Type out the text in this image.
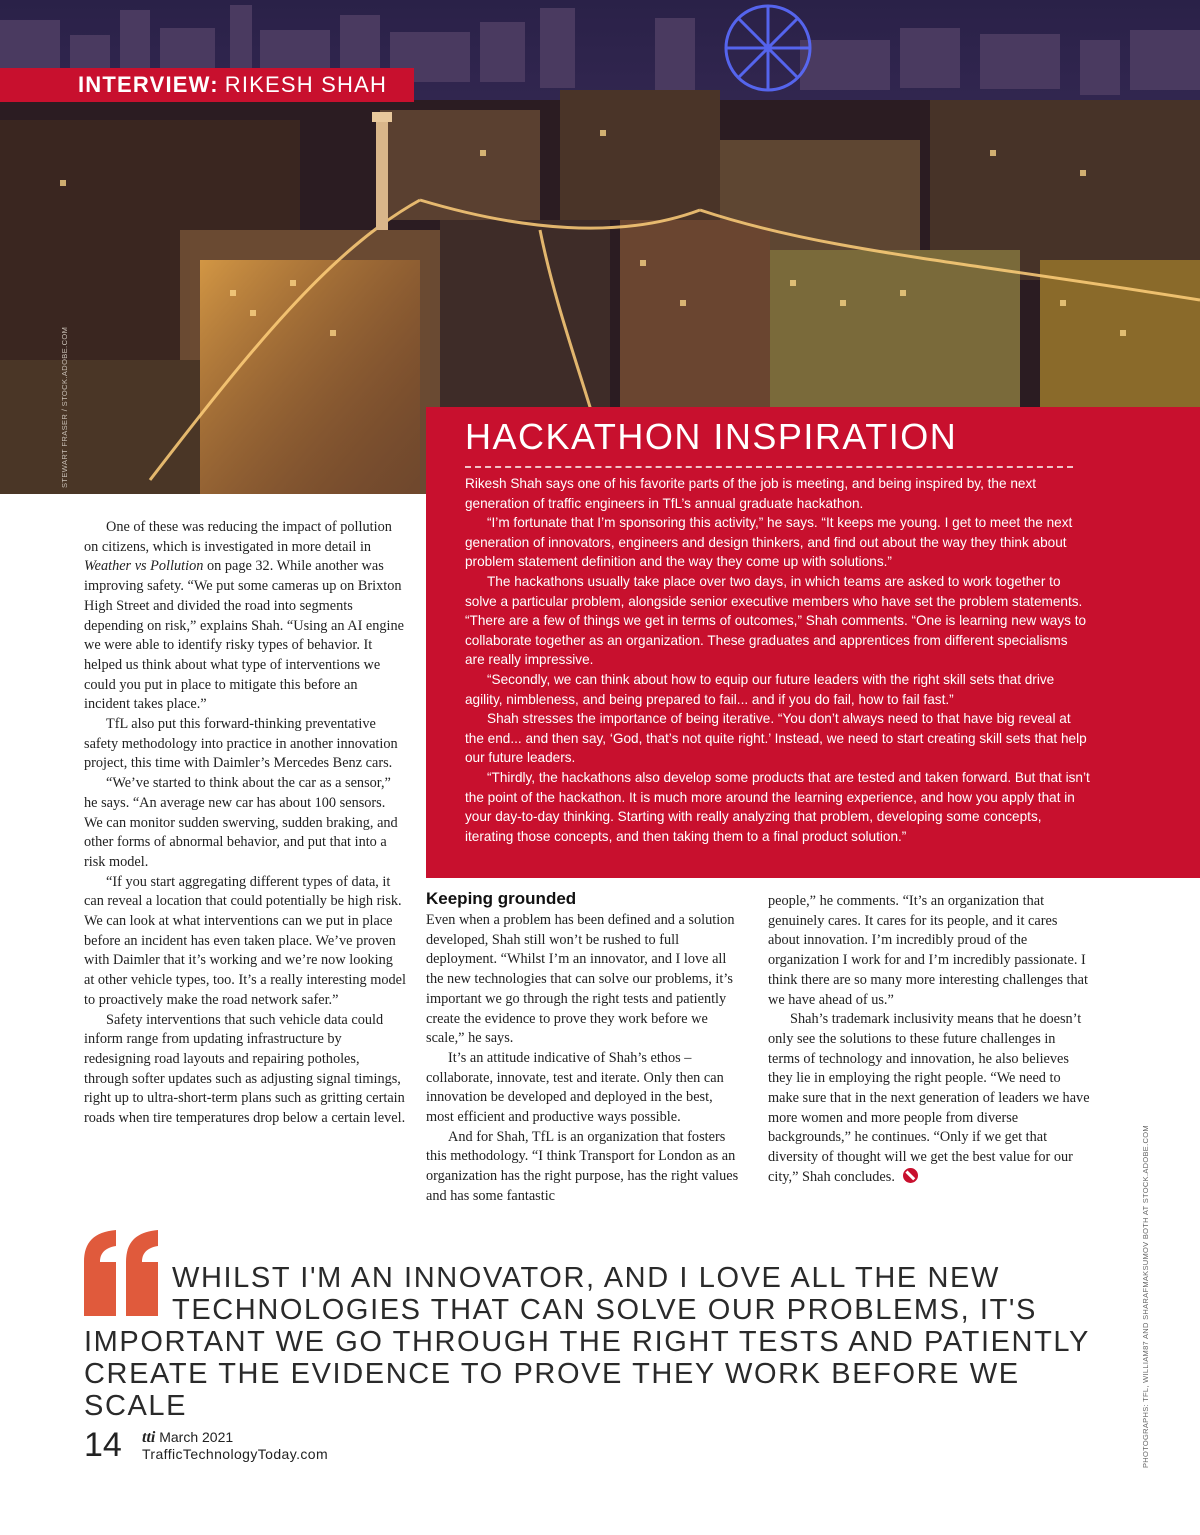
INTERVIEW: RIKESH SHAH
STEWART FRASER / STOCK.ADOBE.COM	HACKATHON INSPIRATION

Rikesh Shah says one of his favorite parts of the job is meeting, and being inspired by, the next generation of traffic engineers in TfL’s annual graduate hackathon.

“I’m fortunate that I’m sponsoring this activity,” he says. “It keeps me young. I get to meet the next generation of innovators, engineers and design thinkers, and find out about the way they think about problem statement definition and the way they come up with solutions.”

The hackathons usually take place over two days, in which teams are asked to work together to solve a particular problem, alongside senior executive members who have set the problem statements. “There are a few of things we get in terms of outcomes,” Shah comments. “One is learning new ways to collaborate together as an organization. These graduates and apprentices from different specialisms are really impressive.

“Secondly, we can think about how to equip our future leaders with the right skill sets that drive agility, nimbleness, and being prepared to fail... and if you do fail, how to fail fast.”

Shah stresses the importance of being iterative. “You don’t always need to that have big reveal at the end... and then say, ‘God, that’s not quite right.’ Instead, we need to start creating skill sets that help our future leaders.

“Thirdly, the hackathons also develop some products that are tested and taken forward. But that isn’t the point of the hackathon. It is much more around the learning experience, and how you apply that in your day-to-day thinking. Starting with really analyzing that problem, developing some concepts, iterating those concepts, and then taking them to a final product solution.”

One of these was reducing the impact of pollution on citizens, which is investigated in more detail in Weather vs Pollution on page 32. While another was improving safety. “We put some cameras up on Brixton High Street and divided the road into segments depending on risk,” explains Shah. “Using an AI engine we were able to identify risky types of behavior. It helped us think about what type of interventions we could you put in place to mitigate this before an incident takes place.”

TfL also put this forward-thinking preventative safety methodology into practice in another innovation project, this time with Daimler’s Mercedes Benz cars.

“We’ve started to think about the car as a sensor,” he says. “An average new car has about 100 sensors. We can monitor sudden swerving, sudden braking, and other forms of abnormal behavior, and put that into a risk model.

“If you start aggregating different types of data, it can reveal a location that could potentially be high risk. We can look at what interventions can we put in place before an incident has even taken place. We’ve proven with Daimler that it’s working and we’re now looking at other vehicle types, too. It’s a really interesting model to proactively make the road network safer.”

Safety interventions that such vehicle data could inform range from updating infrastructure by redesigning road layouts and repairing potholes, through softer updates such as adjusting signal timings, right up to ultra-short-term plans such as gritting certain roads when tire temperatures drop below a certain level.

Keeping grounded

Even when a problem has been defined and a solution developed, Shah still won’t be rushed to full deployment. “Whilst I’m an innovator, and I love all the new technologies that can solve our problems, it’s important we go through the right tests and patiently create the evidence to prove they work before we scale,” he says.

It’s an attitude indicative of Shah’s ethos – collaborate, innovate, test and iterate. Only then can innovation be developed and deployed in the best, most efficient and productive ways possible.

And for Shah, TfL is an organization that fosters this methodology. “I think Transport for London as an organization has the right purpose, has the right values and has some fantastic

people,” he comments. “It’s an organization that genuinely cares. It cares for its people, and it cares about innovation. I’m incredibly proud of the organization I work for and I’m incredibly passionate. I think there are so many more interesting challenges that we have ahead of us.”

Shah’s trademark inclusivity means that he doesn’t only see the solutions to these future challenges in terms of technology and innovation, he also believes they lie in employing the right people. “We need to make sure that in the next generation of leaders we have more women and more people from diverse backgrounds,” he continues. “Only if we get that diversity of thought will we get the best value for our city,” Shah concludes.	PHOTOGRAPHS: TFL, WILLIAM87 AND SHARAFMAKSUMOV BOTH AT STOCK.ADOBE.COM

WHILST I'M AN INNOVATOR, AND I LOVE ALL THE NEW TECHNOLOGIES THAT CAN SOLVE OUR PROBLEMS, IT'S IMPORTANT WE GO THROUGH THE RIGHT TESTS AND PATIENTLY CREATE THE EVIDENCE TO PROVE THEY WORK BEFORE WE SCALE

14 tti March 2021
TrafficTechnologyToday.com
